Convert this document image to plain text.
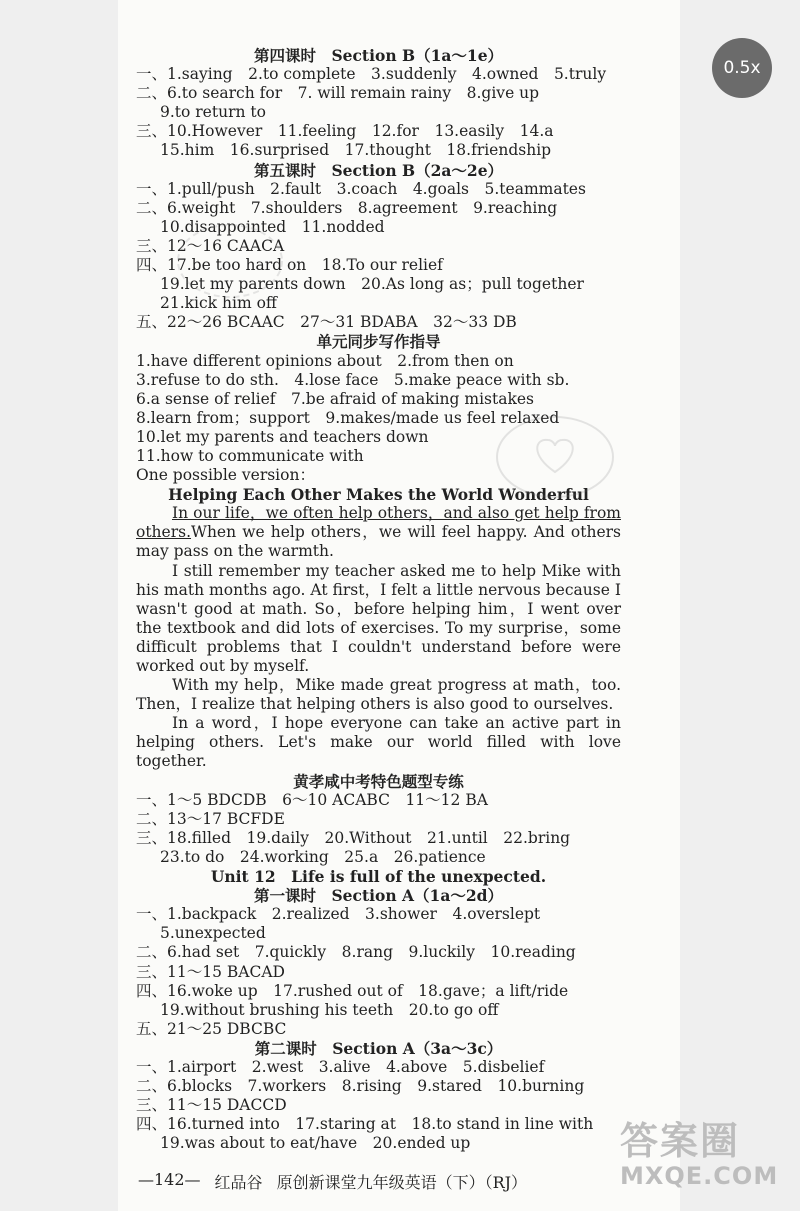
第四课时　Section B（1a～1e）
一、1.saying　2.to complete　3.suddenly　4.owned　5.truly
二、6.to search for　7. will remain rainy　8.give up
9.to return to
三、10.However　11.feeling　12.for　13.easily　14.a
15.him　16.surprised　17.thought　18.friendship
第五课时　Section B（2a～2e）
一、1.pull/push　2.fault　3.coach　4.goals　5.teammates
二、6.weight　7.shoulders　8.agreement　9.reaching
10.disappointed　11.nodded
三、12～16 CAACA
四、17.be too hard on　18.To our relief
19.let my parents down　20.As long as；pull together
21.kick him off
五、22～26 BCAAC　27～31 BDABA　32～33 DB
单元同步写作指导
1.have different opinions about　2.from then on
3.refuse to do sth.　4.lose face　5.make peace with sb.
6.a sense of relief　7.be afraid of making mistakes
8.learn from；support　9.makes/made us feel relaxed
10.let my parents and teachers down
11.how to communicate with
One possible version：
Helping Each Other Makes the World Wonderful
In our life，we often help others，and also get help from others.When we help others，we will feel happy. And others may pass on the warmth.
I still remember my teacher asked me to help Mike with his math months ago. At first，I felt a little nervous because I wasn't good at math. So，before helping him，I went over the textbook and did lots of exercises. To my surprise，some difficult problems that I couldn't understand before were worked out by myself.
With my help，Mike made great progress at math，too. Then，I realize that helping others is also good to ourselves.
In a word，I hope everyone can take an active part in helping others. Let's make our world filled with love together.
黄孝咸中考特色题型专练
一、1～5 BDCDB　6～10 ACABC　11～12 BA
二、13～17 BCFDE
三、18.filled　19.daily　20.Without　21.until　22.bring
23.to do　24.working　25.a　26.patience
Unit 12　Life is full of the unexpected.
第一课时　Section A（1a～2d）
一、1.backpack　2.realized　3.shower　4.overslept
5.unexpected
二、6.had set　7.quickly　8.rang　9.luckily　10.reading
三、11～15 BACAD
四、16.woke up　17.rushed out of　18.gave；a lift/ride
19.without brushing his teeth　20.to go off
五、21～25 DBCBC
第二课时　Section A（3a～3c）
一、1.airport　2.west　3.alive　4.above　5.disbelief
二、6.blocks　7.workers　8.rising　9.stared　10.burning
三、11～15 DACCD
四、16.turned into　17.staring at　18.to stand in line with
19.was about to eat/have　20.ended up
—142— 红品谷 原创新课堂九年级英语（下）（RJ）
0.5x
答案圈
MXQE.COM
